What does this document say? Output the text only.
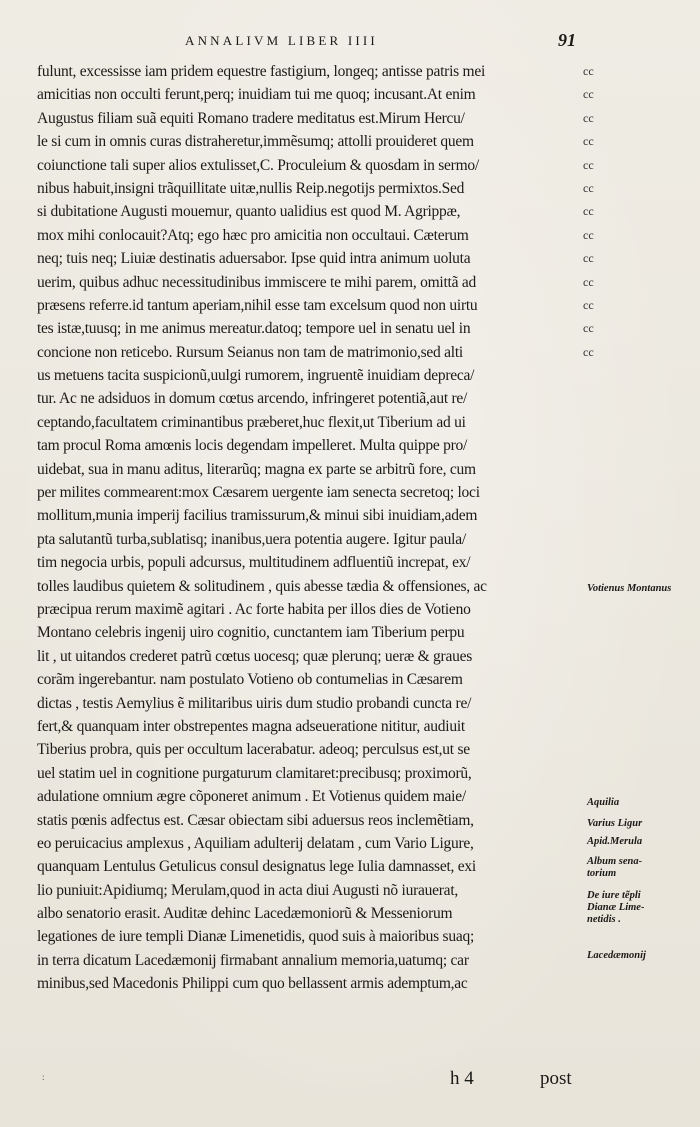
ANNALIVM LIBER IIII	91
fulunt, excessisse iam pridem equestre fastigium, longeq; antisse patris mei
amicitias non occulti ferunt,perq; inuidiam tui me quoq; incusant.At enim
Augustus filiam suã equiti Romano tradere meditatus est.Mirum Hercu/
le si cum in omnis curas distraheretur,immẽsumq; attolli prouideret quem
coiunctione tali super alios extulisset,C. Proculeium & quosdam in sermo/
nibus habuit,insigni trãquillitate uitæ,nullis Reip.negotijs permixtos.Sed
si dubitatione Augusti mouemur, quanto ualidius est quod M. Agrippæ,
mox mihi conlocauit?Atq; ego hæc pro amicitia non occultaui. Cæterum
neq; tuis neq; Liuiæ destinatis aduersabor. Ipse quid intra animum uoluta
uerim, quibus adhuc necessitudinibus immiscere te mihi parem, omittã ad
præsens referre.id tantum aperiam,nihil esse tam excelsum quod non uirtu
tes istæ,tuusq; in me animus mereatur.datoq; tempore uel in senatu uel in
concione non reticebo. Rursum Seianus non tam de matrimonio,sed alti
us metuens tacita suspicionũ,uulgi rumorem, ingruentẽ inuidiam depreca/
tur. Ac ne adsiduos in domum cœtus arcendo, infringeret potentiã,aut re/
ceptando,facultatem criminantibus præberet,huc flexit,ut Tiberium ad ui
tam procul Roma amœnis locis degendam impelleret. Multa quippe pro/
uidebat, sua in manu aditus, literarũq; magna ex parte se arbitrũ fore, cum
per milites commearent:mox Cæsarem uergente iam senecta secretoq; loci
mollitum,munia imperij facilius tramissurum,& minui sibi inuidiam,adem
pta salutantũ turba,sublatisq; inanibus,uera potentia augere. Igitur paula/
tim negocia urbis, populi adcursus, multitudinem adfluentiũ increpat, ex/
tolles laudibus quietem & solitudinem , quis abesse tædia & offensiones, ac
præcipua rerum maximẽ agitari . Ac forte habita per illos dies de Votieno
Montano celebris ingenij uiro cognitio, cunctantem iam Tiberium perpu
lit , ut uitandos crederet patrũ cœtus uocesq; quæ plerunq; ueræ & graues
corãm ingerebantur. nam postulato Votieno ob contumelias in Cæsarem
dictas , testis Aemylius ẽ militaribus uiris dum studio probandi cuncta re/
fert,& quanquam inter obstrepentes magna adseueratione nititur, audiuit
Tiberius probra, quis per occultum lacerabatur. adeoq; perculsus est,ut se
uel statim uel in cognitione purgaturum clamitaret:precibusq; proximorũ,
adulatione omnium ægre cõponeret animum . Et Votienus quidem maie/
statis pœnis adfectus est. Cæsar obiectam sibi aduersus reos inclemẽtiam,
eo peruicacius amplexus , Aquiliam adulterij delatam , cum Vario Ligure,
quanquam Lentulus Getulicus consul designatus lege Iulia damnasset, exi
lio puniuit:Apidiumq; Merulam,quod in acta diui Augusti nõ iurauerat,
albo senatorio erasit. Auditæ dehinc Lacedæmoniorũ & Messeniorum
legationes de iure templi Dianæ Limenetidis, quod suis à maioribus suaq;
in terra dicatum Lacedæmonij firmabant annalium memoria,uatumq; car
minibus,sed Macedonis Philippi cum quo bellassent armis ademptum,ac
cc
cc
cc
cc
cc
cc
cc
cc
cc
cc
cc
cc
cc
Votienus Montanus
Aquilia
Varius Ligur
Apid.Merula
Album sena- torium
De iure tẽpli Dianæ Lime- netidis .
Lacedæmonij
:	h 4	post
